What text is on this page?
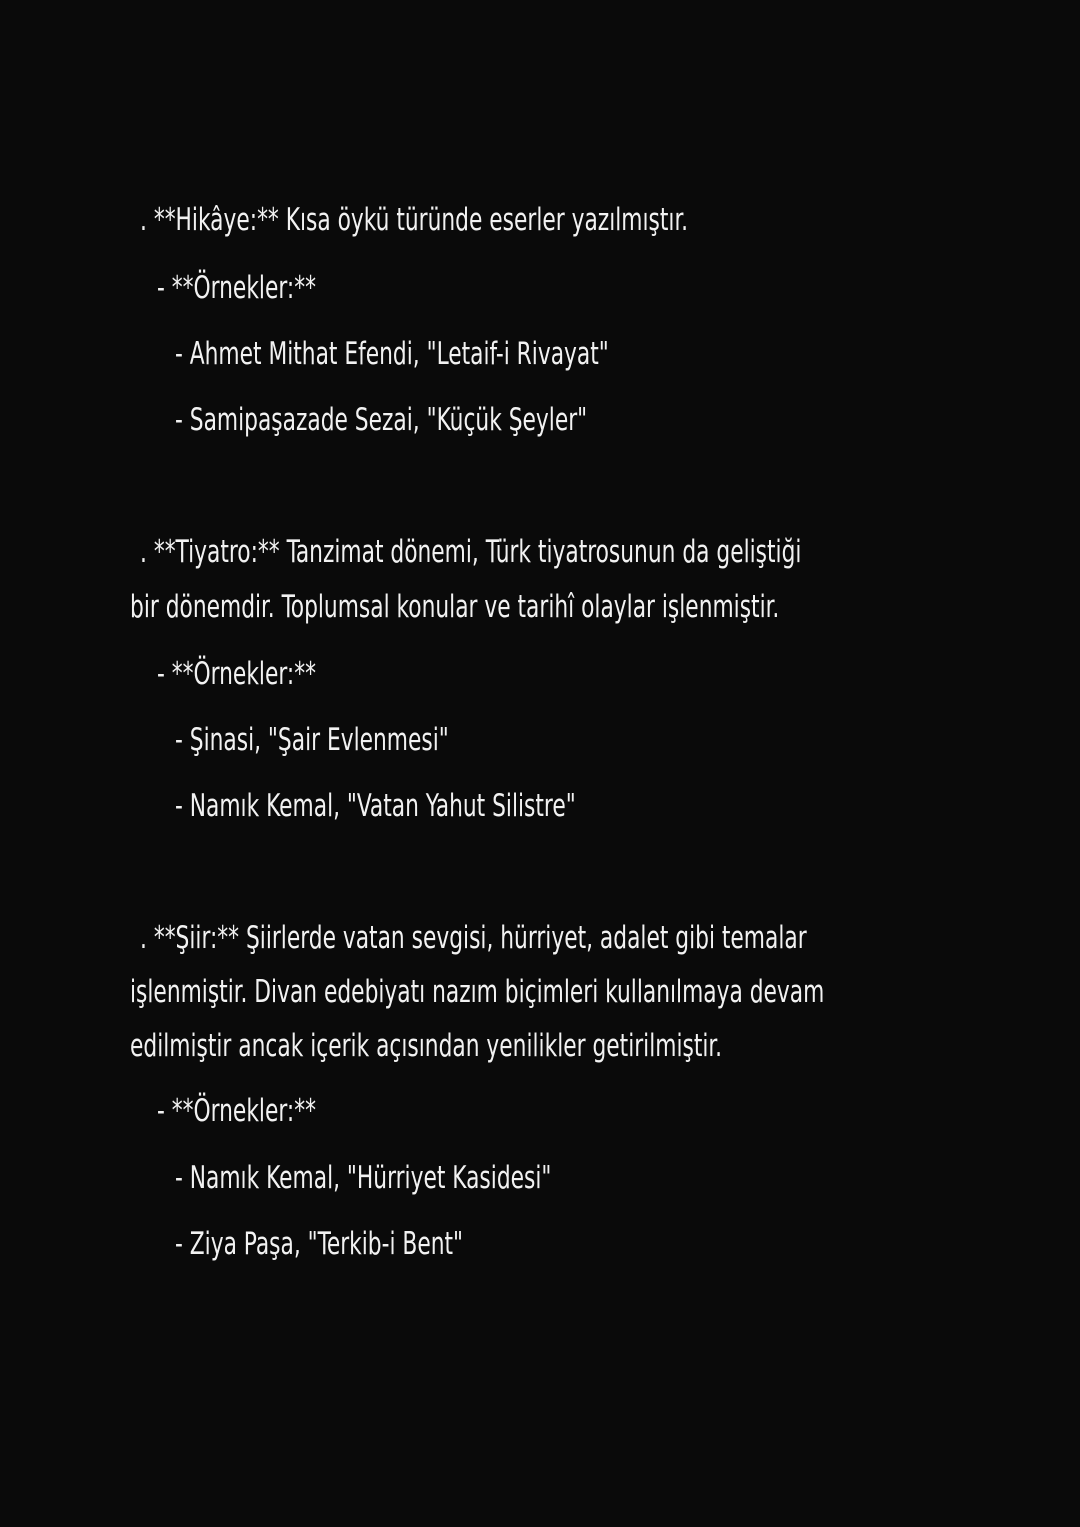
. **Hikâye:** Kısa öykü türünde eserler yazılmıştır.
- **Örnekler:**
- Ahmet Mithat Efendi, "Letaif-i Rivayat"
- Samipaşazade Sezai, "Küçük Şeyler"
. **Tiyatro:** Tanzimat dönemi, Türk tiyatrosunun da geliştiği
bir dönemdir. Toplumsal konular ve tarihî olaylar işlenmiştir.
- **Örnekler:**
- Şinasi, "Şair Evlenmesi"
- Namık Kemal, "Vatan Yahut Silistre"
. **Şiir:** Şiirlerde vatan sevgisi, hürriyet, adalet gibi temalar
işlenmiştir. Divan edebiyatı nazım biçimleri kullanılmaya devam
edilmiştir ancak içerik açısından yenilikler getirilmiştir.
- **Örnekler:**
- Namık Kemal, "Hürriyet Kasidesi"
- Ziya Paşa, "Terkib-i Bent"
